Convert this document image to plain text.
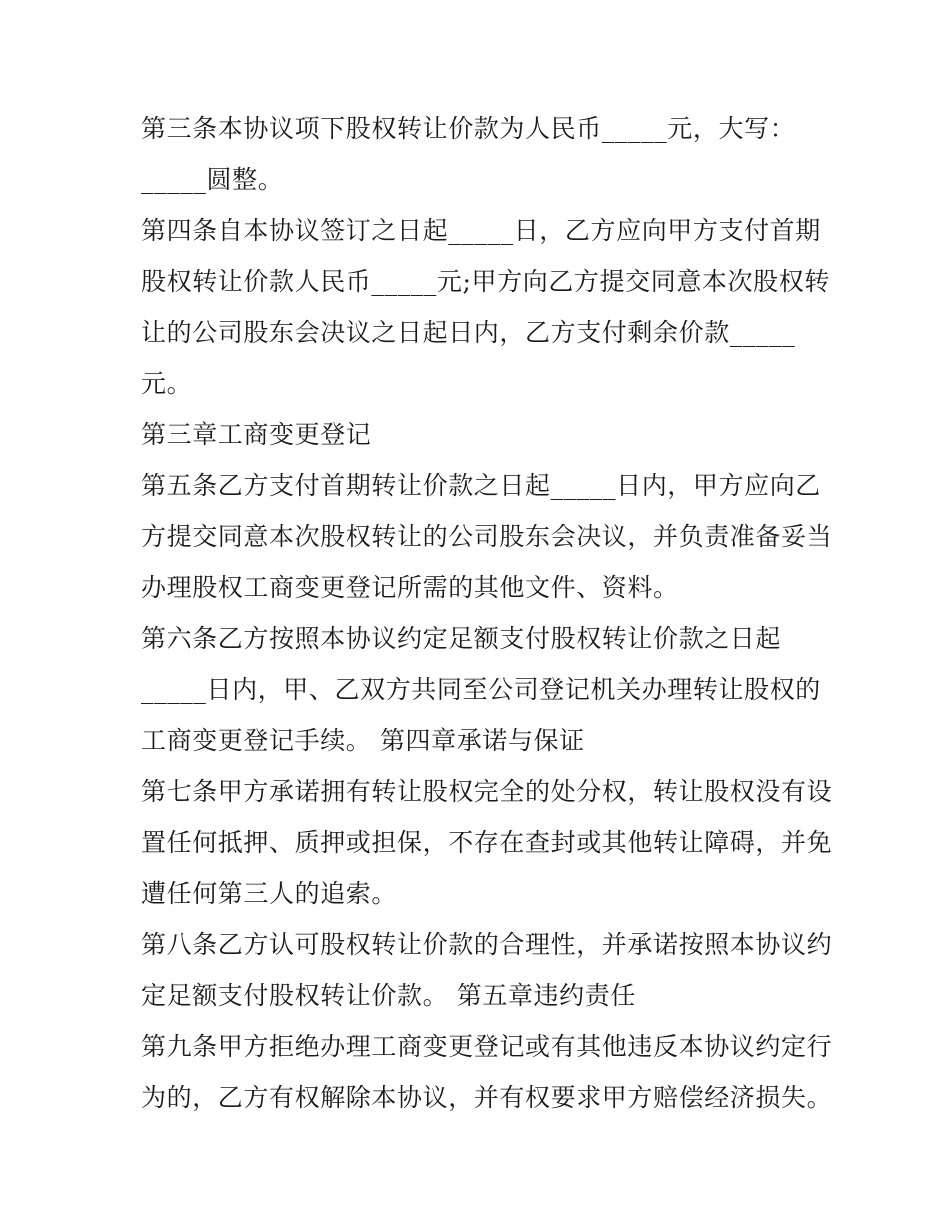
第三条本协议项下股权转让价款为人民币_____元，大写：
_____圆整。
第四条自本协议签订之日起_____日，乙方应向甲方支付首期
股权转让价款人民币_____元;甲方向乙方提交同意本次股权转
让的公司股东会决议之日起日内，乙方支付剩余价款_____
元。
第三章工商变更登记
第五条乙方支付首期转让价款之日起_____日内，甲方应向乙
方提交同意本次股权转让的公司股东会决议，并负责准备妥当
办理股权工商变更登记所需的其他文件、资料。
第六条乙方按照本协议约定足额支付股权转让价款之日起
_____日内，甲、乙双方共同至公司登记机关办理转让股权的
工商变更登记手续。 第四章承诺与保证
第七条甲方承诺拥有转让股权完全的处分权，转让股权没有设
置任何抵押、质押或担保，不存在查封或其他转让障碍，并免
遭任何第三人的追索。
第八条乙方认可股权转让价款的合理性，并承诺按照本协议约
定足额支付股权转让价款。 第五章违约责任
第九条甲方拒绝办理工商变更登记或有其他违反本协议约定行
为的，乙方有权解除本协议，并有权要求甲方赔偿经济损失。
